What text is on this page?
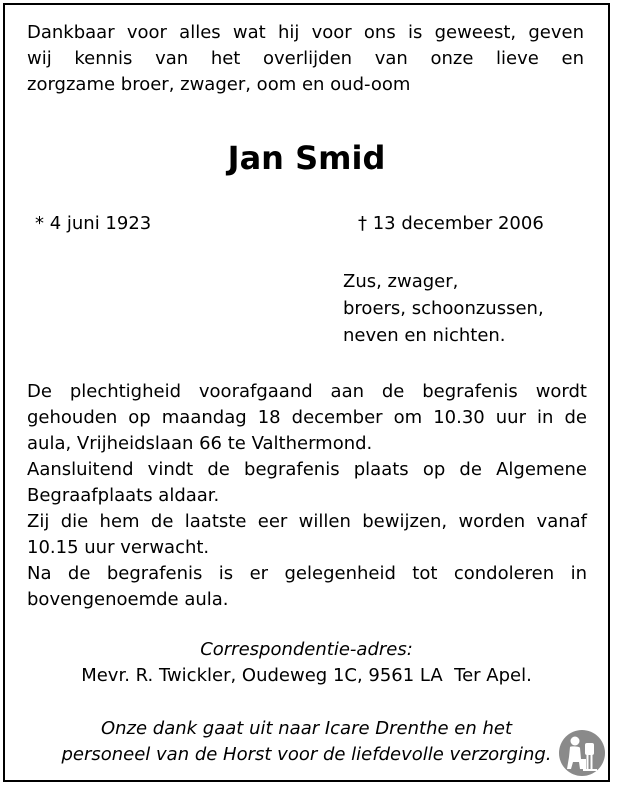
Dankbaar voor alles wat hij voor ons is geweest, geven
wij kennis van het overlijden van onze lieve en
zorgzame broer, zwager, oom en oud-oom
Jan Smid
* 4 juni 1923	† 13 december 2006
Zus, zwager,
broers, schoonzussen,
neven en nichten.
De plechtigheid voorafgaand aan de begrafenis wordt
gehouden op maandag 18 december om 10.30 uur in de
aula, Vrijheidslaan 66 te Valthermond.
Aansluitend vindt de begrafenis plaats op de Algemene
Begraafplaats aldaar.
Zij die hem de laatste eer willen bewijzen, worden vanaf
10.15 uur verwacht.
Na de begrafenis is er gelegenheid tot condoleren in
bovengenoemde aula.
Correspondentie-adres:
Mevr. R. Twickler, Oudeweg 1C, 9561 LA  Ter Apel.
Onze dank gaat uit naar Icare Drenthe en het
personeel van de Horst voor de liefdevolle verzorging.
